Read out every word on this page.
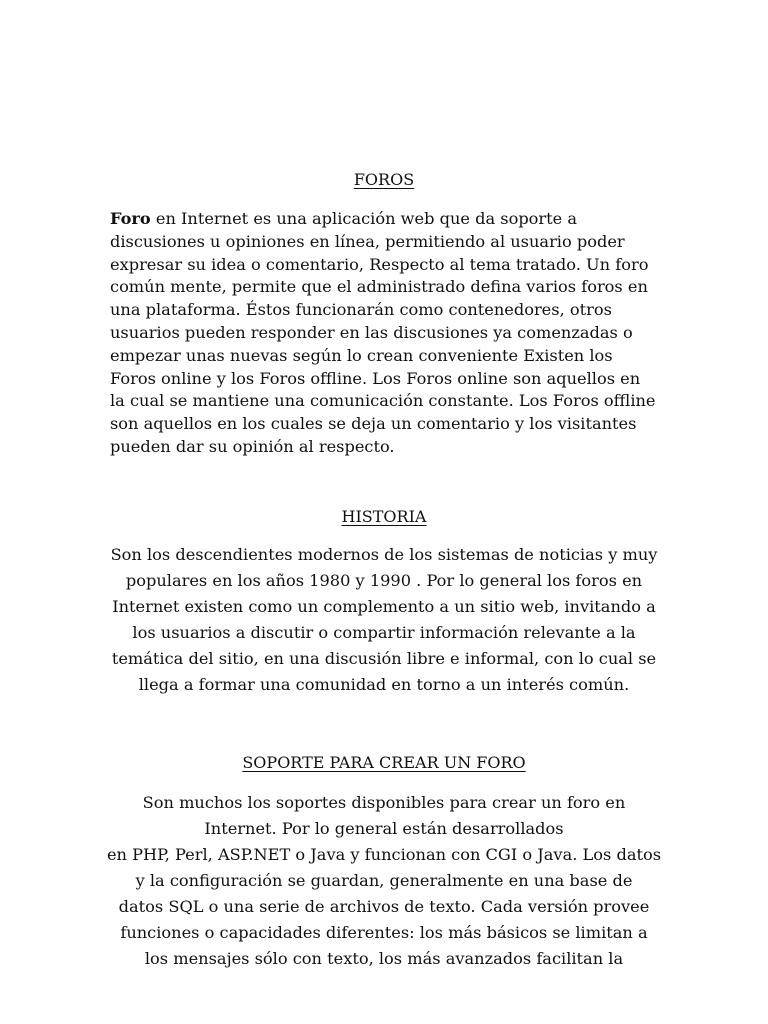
FOROS
Foro en Internet es una aplicación web que da soporte a
discusiones u opiniones en línea, permitiendo al usuario poder
expresar su idea o comentario, Respecto al tema tratado. Un foro
común mente, permite que el administrado defina varios foros en
una plataforma. Éstos funcionarán como contenedores, otros
usuarios pueden responder en las discusiones ya comenzadas o
empezar unas nuevas según lo crean conveniente Existen los
Foros online y los Foros offline. Los Foros online son aquellos en
la cual se mantiene una comunicación constante. Los Foros offline
son aquellos en los cuales se deja un comentario y los visitantes
pueden dar su opinión al respecto.
HISTORIA
Son los descendientes modernos de los sistemas de noticias y muy
populares en los años 1980 y 1990 . Por lo general los foros en
Internet existen como un complemento a un sitio web, invitando a
los usuarios a discutir o compartir información relevante a la
temática del sitio, en una discusión libre e informal, con lo cual se
llega a formar una comunidad en torno a un interés común.
SOPORTE PARA CREAR UN FORO
Son muchos los soportes disponibles para crear un foro en
Internet. Por lo general están desarrollados
en PHP, Perl, ASP.NET o Java y funcionan con CGI o Java. Los datos
y la configuración se guardan, generalmente en una base de
datos SQL o una serie de archivos de texto. Cada versión provee
funciones o capacidades diferentes: los más básicos se limitan a
los mensajes sólo con texto, los más avanzados facilitan la
